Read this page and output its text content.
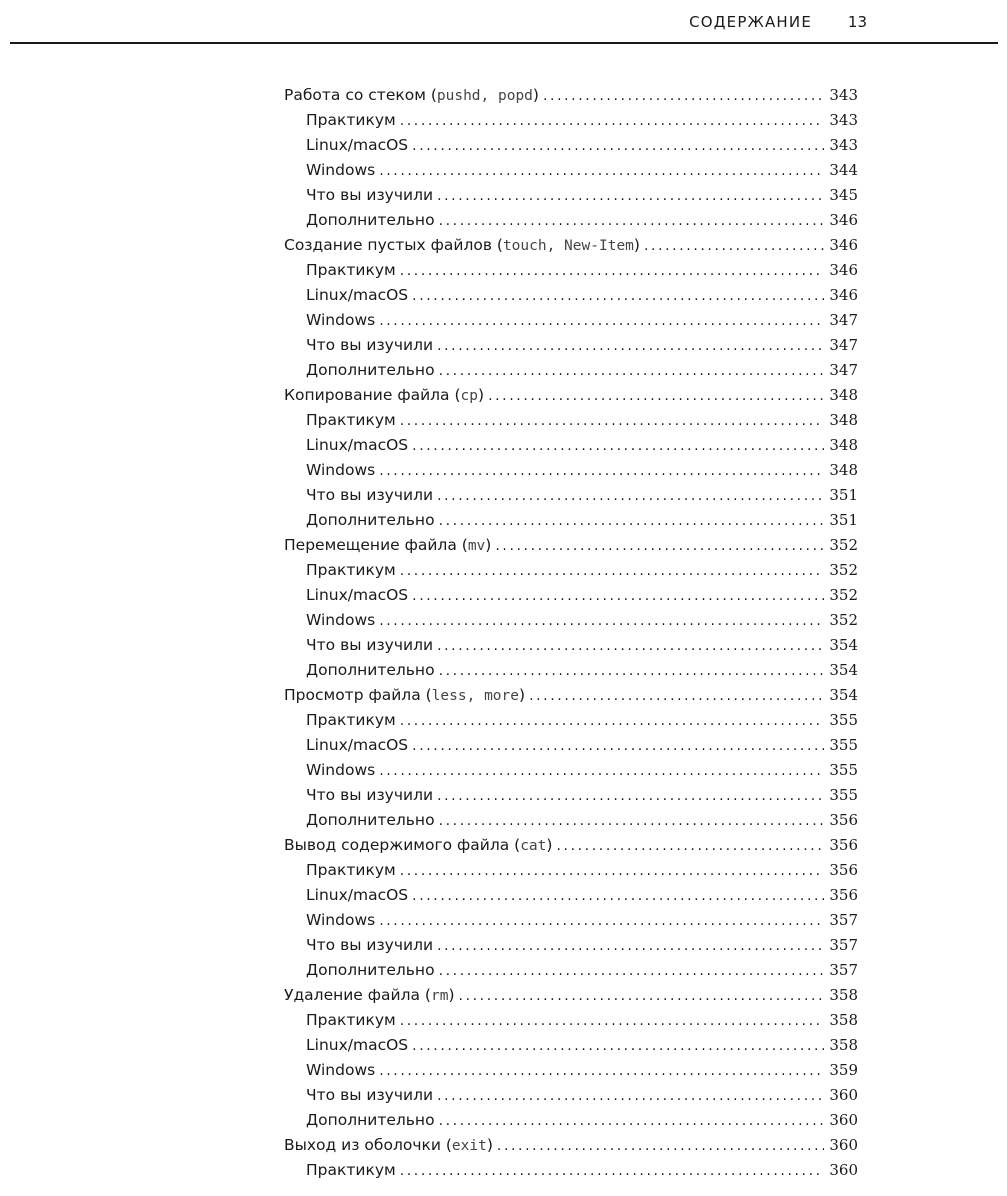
СОДЕРЖАНИЕ 13
Работа со стеком (pushd, popd) .....	343
Практикум .....	343
Linux/macOS .....	343
Windows .....	344
Что вы изучили .....	345
Дополнительно .....	346
Создание пустых файлов (touch, New-Item) .....	346
Практикум .....	346
Linux/macOS .....	346
Windows .....	347
Что вы изучили .....	347
Дополнительно .....	347
Копирование файла (cp) .....	348
Практикум .....	348
Linux/macOS .....	348
Windows .....	348
Что вы изучили .....	351
Дополнительно .....	351
Перемещение файла (mv) .....	352
Практикум .....	352
Linux/macOS .....	352
Windows .....	352
Что вы изучили .....	354
Дополнительно .....	354
Просмотр файла (less, more) .....	354
Практикум .....	355
Linux/macOS .....	355
Windows .....	355
Что вы изучили .....	355
Дополнительно .....	356
Вывод содержимого файла (cat) .....	356
Практикум .....	356
Linux/macOS .....	356
Windows .....	357
Что вы изучили .....	357
Дополнительно .....	357
Удаление файла (rm) .....	358
Практикум .....	358
Linux/macOS .....	358
Windows .....	359
Что вы изучили .....	360
Дополнительно .....	360
Выход из оболочки (exit) .....	360
Практикум .....	360
